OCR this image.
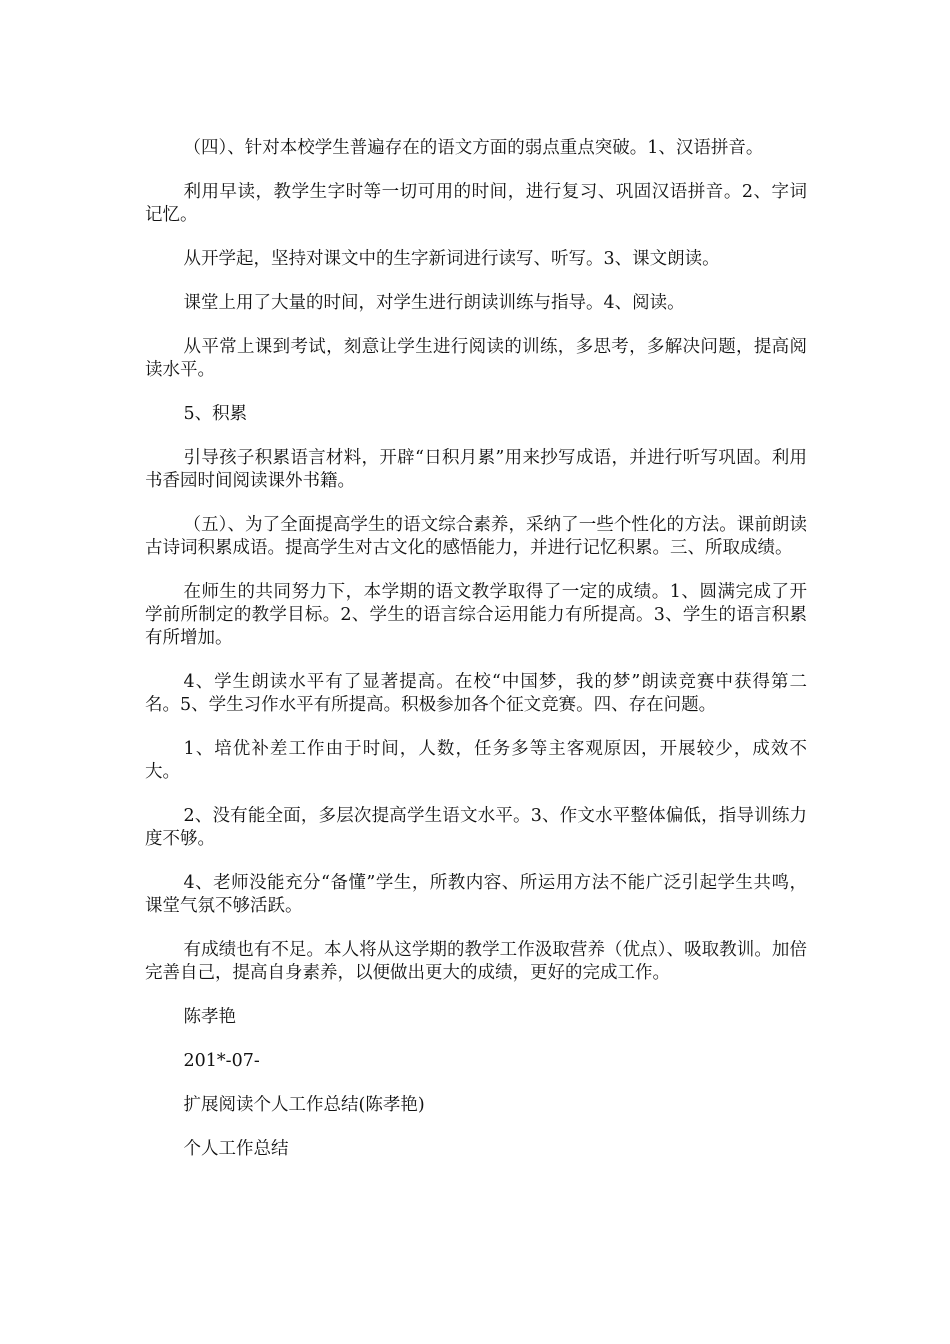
（四）、针对本校学生普遍存在的语文方面的弱点重点突破。1、汉语拼音。

利用早读，教学生字时等一切可用的时间，进行复习、巩固汉语拼音。2、字词记忆。

从开学起，坚持对课文中的生字新词进行读写、听写。3、课文朗读。

课堂上用了大量的时间，对学生进行朗读训练与指导。4、阅读。

从平常上课到考试，刻意让学生进行阅读的训练，多思考，多解决问题，提高阅读水平。

5、积累

引导孩子积累语言材料，开辟“日积月累”用来抄写成语，并进行听写巩固。利用书香园时间阅读课外书籍。

（五）、为了全面提高学生的语文综合素养，采纳了一些个性化的方法。课前朗读古诗词积累成语。提高学生对古文化的感悟能力，并进行记忆积累。三、所取成绩。

在师生的共同努力下，本学期的语文教学取得了一定的成绩。1、圆满完成了开学前所制定的教学目标。2、学生的语言综合运用能力有所提高。3、学生的语言积累有所增加。

4、学生朗读水平有了显著提高。在校“中国梦，我的梦”朗读竞赛中获得第二名。5、学生习作水平有所提高。积极参加各个征文竞赛。四、存在问题。

1、培优补差工作由于时间，人数，任务多等主客观原因，开展较少，成效不大。

2、没有能全面，多层次提高学生语文水平。3、作文水平整体偏低，指导训练力度不够。

4、老师没能充分“备懂”学生，所教内容、所运用方法不能广泛引起学生共鸣，课堂气氛不够活跃。

有成绩也有不足。本人将从这学期的教学工作汲取营养（优点）、吸取教训。加倍完善自己，提高自身素养，以便做出更大的成绩，更好的完成工作。

陈孝艳

201*-07-

扩展阅读个人工作总结(陈孝艳)

个人工作总结
